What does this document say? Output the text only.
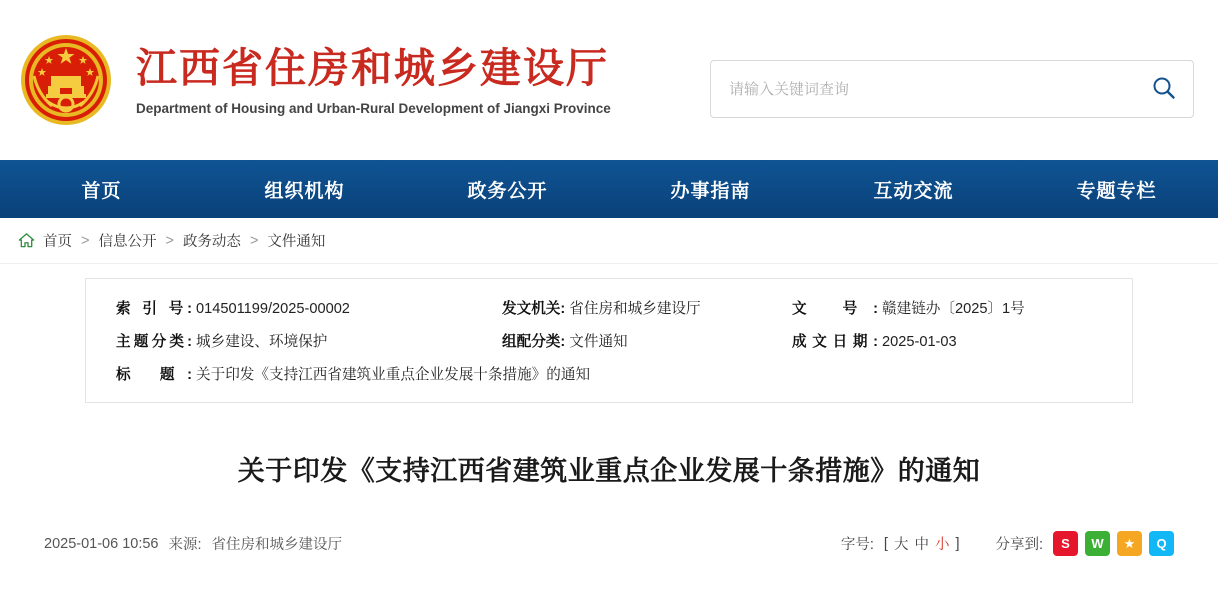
江西省住房和城乡建设厅
Department of Housing and Urban-Rural Development of Jiangxi Province
请输入关键词查询
首页	组织机构	政务公开	办事指南	互动交流	专题专栏
首页 > 信息公开 > 政务动态 > 文件通知
索 引 号: 014501199/2025-00002	发文机关: 省住房和城乡建设厅	文 号: 赣建链办〔2025〕1号
主题分类: 城乡建设、环境保护	组配分类: 文件通知	成文日期: 2025-01-03
标 题: 关于印发《支持江西省建筑业重点企业发展十条措施》的通知
关于印发《支持江西省建筑业重点企业发展十条措施》的通知
2025-01-06 10:56 来源: 省住房和城乡建设厅	字号: [ 大 中 小 ] 分享到:	S	W	★	Q
